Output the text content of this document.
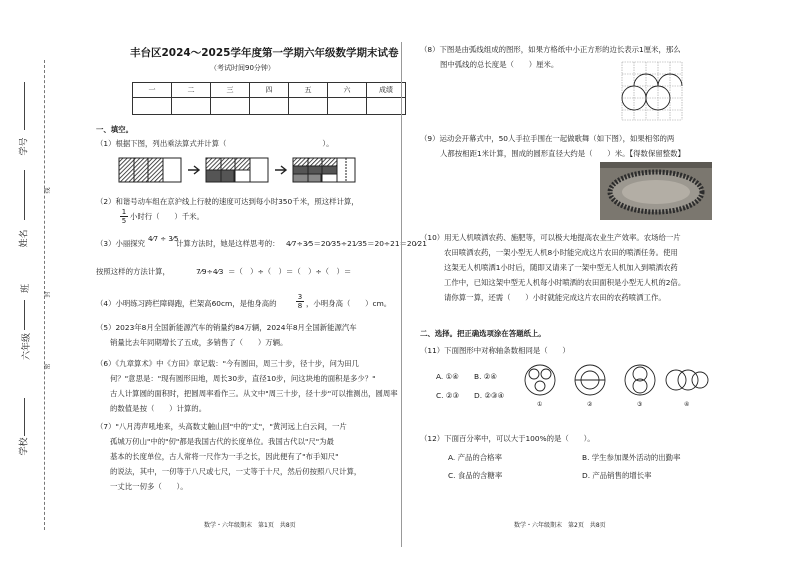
学校
六年级
班
姓名
学号
密
封
线
丰台区2024～2025学年度第一学期六年级数学期末试卷
（考试时间90分钟）
一	二	三	四	五	六	成绩

一、填空。
（1）根据下图，列出乘法算式并计算（　　　　　　　　　　　　　）。
（2）和谐号动车组在京沪线上行驶的速度可达到每小时350千米，照这样计算，
1
5 小时行（　　）千米。
（3）小丽探究 4⁄7 ÷ 3⁄5
计算方法时，她是这样思考的： 4⁄7÷3⁄5＝20⁄35÷21⁄35＝20÷21＝20⁄21
按照这样的方法计算，	7⁄9÷4⁄3 ＝（　）÷（　）＝（　）÷（　）＝
（4）小明练习跨栏障碍跑，栏架高60cm，是他身高的
3
8 ，小明身高（　　）cm。
（5）2023年8月全国新能源汽车的销量约84万辆，2024年8月全国新能源汽车
销量比去年同期增长了五成，多销售了（　　）万辆。
（6）《九章算术》中《方田》章记载："今有圆田，周三十步，径十步，问为田几
何？"意思是："现有圆形田地，周长30步，直径10步，问这块地的面积是多少？"
古人计算圆的面积时，把圆周率看作三。从文中"周三十步，径十步"可以推测出，圆周率
的数值是按（　　）计算的。
（7）"八月涛声吼地来，头高数丈触山回"中的"丈"，"黄河远上白云间，一片
孤城万仞山"中的"仞"都是我国古代的长度单位。我国古代以"尺"为最
基本的长度单位，古人常将一尺作为一手之长，因此便有了"布手知尺"
的说法，其中，一仞等于八尺或七尺，一丈等于十尺，然后仞按照八尺计算，
一丈比一仞多（　　）。
数学・六年级期末　第1页　共8页
（8）下图是由弧线组成的图形，如果方格纸中小正方形的边长表示1厘米，那么
图中弧线的总长度是（　　）厘米。
（9）运动会开幕式中，50人手拉手围在一起做歌舞（如下图），如果相邻的两
人都按相距1米计算，围成的圆形直径大约是（　　）米。【得数保留整数】
（10）用无人机喷洒农药、施肥等，可以极大地提高农业生产效率。农场给一片
农田喷洒农药，一架小型无人机8小时能完成这片农田的喷洒任务。使用
这架无人机喷洒1小时后，随即又请来了一架中型无人机加入到喷洒农药
工作中，已知这架中型无人机每小时喷洒的农田面积是小型无人机的2倍。
请你算一算，还需（　　）小时就能完成这片农田的农药喷洒工作。
二、选择。把正确选项涂在答题纸上。
（11）下面图形中对称轴条数相同是（　　）
A. ①④ B. ②④
C. ②③ D. ②③④
①	②	③	④
（12）下面百分率中，可以大于100%的是（　　）。
A. 产品的合格率	B. 学生参加课外活动的出勤率
C. 食品的含糖率	D. 产品销售的增长率
数学・六年级期末　第2页　共8页
